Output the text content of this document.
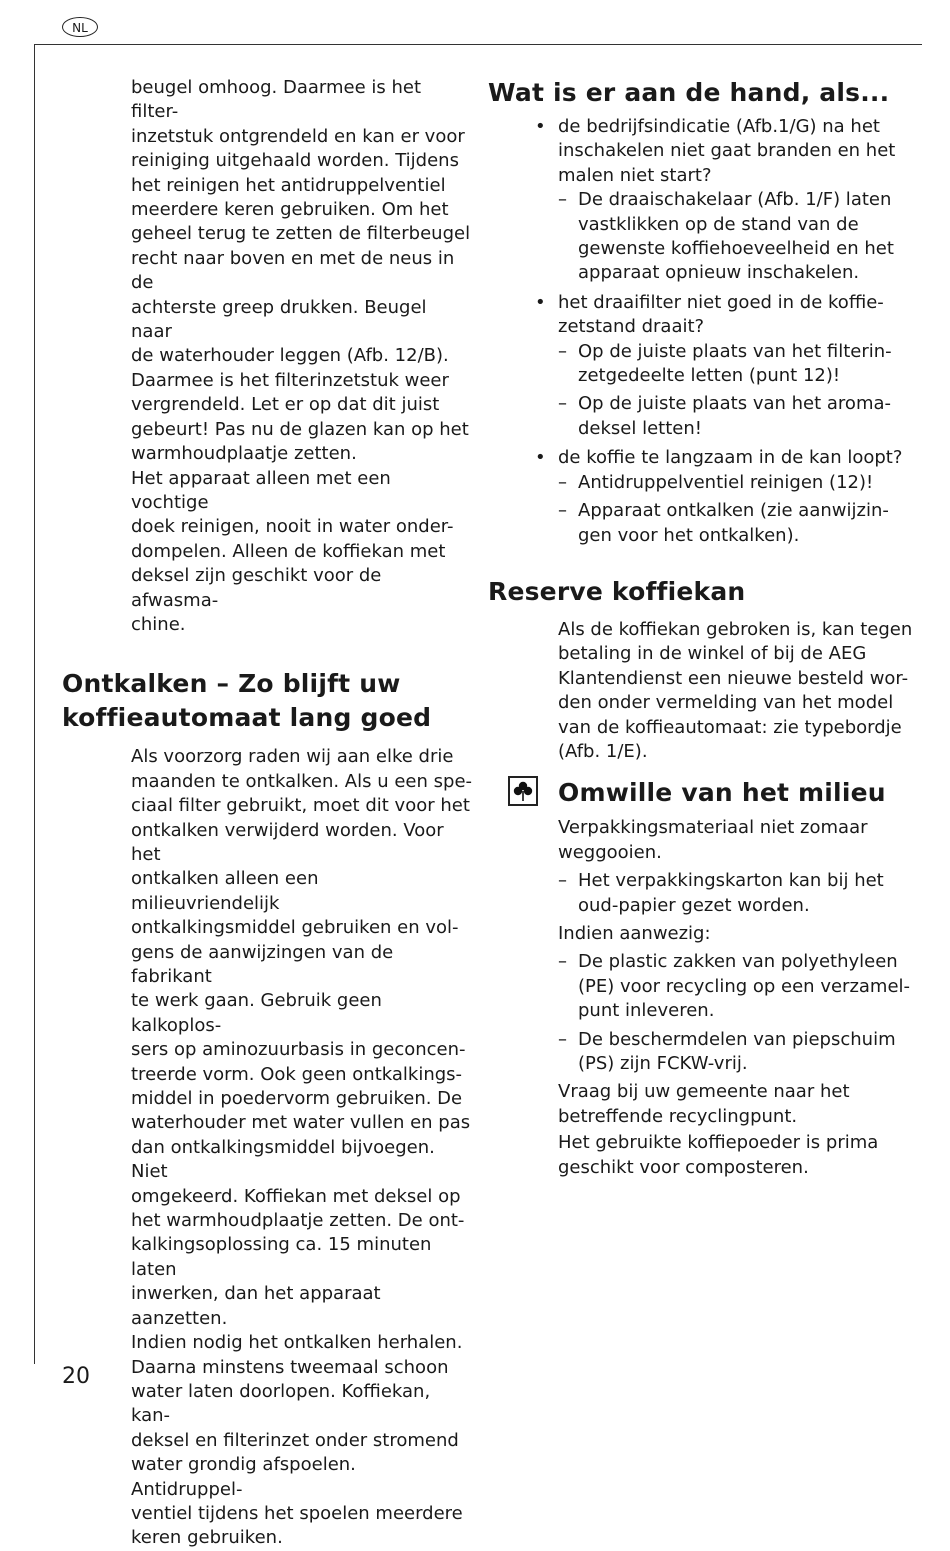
NL
20
beugel omhoog. Daarmee is het filter-
inzetstuk ontgrendeld en kan er voor
reiniging uitgehaald worden. Tijdens
het reinigen het antidruppelventiel
meerdere keren gebruiken. Om het
geheel terug te zetten de filterbeugel
recht naar boven en met de neus in de
achterste greep drukken. Beugel naar
de waterhouder leggen (Afb. 12/B).
Daarmee is het filterinzetstuk weer
vergrendeld. Let er op dat dit juist
gebeurt! Pas nu de glazen kan op het
warmhoudplaatje zetten.
Het apparaat alleen met een vochtige
doek reinigen, nooit in water onder-
dompelen. Alleen de koffiekan met
deksel zijn geschikt voor de afwasma-
chine.
Ontkalken – Zo blijft uw
koffieautomaat lang goed
Als voorzorg raden wij aan elke drie
maanden te ontkalken. Als u een spe-
ciaal filter gebruikt, moet dit voor het
ontkalken verwijderd worden. Voor het
ontkalken alleen een milieuvriendelijk
ontkalkingsmiddel gebruiken en vol-
gens de aanwijzingen van de fabrikant
te werk gaan. Gebruik geen kalkoplos-
sers op aminozuurbasis in geconcen-
treerde vorm. Ook geen ontkalkings-
middel in poedervorm gebruiken. De
waterhouder met water vullen en pas
dan ontkalkingsmiddel bijvoegen. Niet
omgekeerd. Koffiekan met deksel op
het warmhoudplaatje zetten. De ont-
kalkingsoplossing ca. 15 minuten laten
inwerken, dan het apparaat aanzetten.
Indien nodig het ontkalken herhalen.
Daarna minstens tweemaal schoon
water laten doorlopen. Koffiekan, kan-
deksel en filterinzet onder stromend
water grondig afspoelen. Antidruppel-
ventiel tijdens het spoelen meerdere
keren gebruiken.
Wat is er aan de hand, als...
• de bedrijfsindicatie (Afb.1/G) na het
inschakelen niet gaat branden en het
malen niet start?
– De draaischakelaar (Afb. 1/F) laten
vastklikken op de stand van de
gewenste koffiehoeveelheid en het
apparaat opnieuw inschakelen.
• het draaifilter niet goed in de koffie-
zetstand draait?
– Op de juiste plaats van het filterin-
zetgedeelte letten (punt 12)!
– Op de juiste plaats van het aroma-
deksel letten!
• de koffie te langzaam in de kan loopt?
– Antidruppelventiel reinigen (12)!
– Apparaat ontkalken (zie aanwijzin-
gen voor het ontkalken).
Reserve koffiekan
Als de koffiekan gebroken is, kan tegen
betaling in de winkel of bij de AEG
Klantendienst een nieuwe besteld wor-
den onder vermelding van het model
van de koffieautomaat: zie typebordje
(Afb. 1/E).
Omwille van het milieu
Verpakkingsmateriaal niet zomaar
weggooien.
– Het verpakkingskarton kan bij het
oud-papier gezet worden.
Indien aanwezig:
– De plastic zakken van polyethyleen
(PE) voor recycling op een verzamel-
punt inleveren.
– De beschermdelen van piepschuim
(PS) zijn FCKW-vrij.
Vraag bij uw gemeente naar het
betreffende recyclingpunt.
Het gebruikte koffiepoeder is prima
geschikt voor composteren.
